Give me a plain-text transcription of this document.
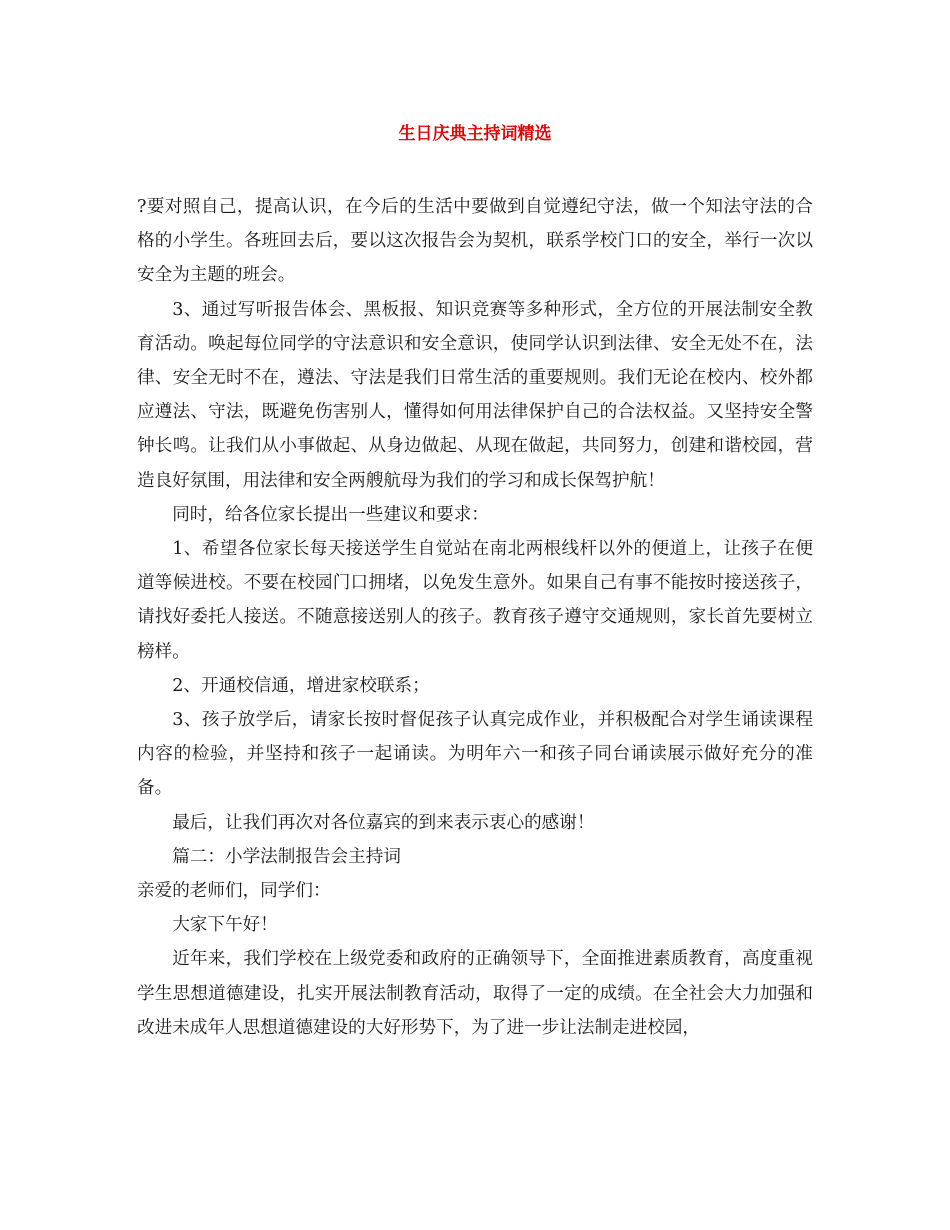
生日庆典主持词精选

?要对照自己，提高认识，在今后的生活中要做到自觉遵纪守法，做一个知法守法的合格的小学生。各班回去后，要以这次报告会为契机，联系学校门口的安全，举行一次以安全为主题的班会。

3、通过写听报告体会、黑板报、知识竞赛等多种形式，全方位的开展法制安全教育活动。唤起每位同学的守法意识和安全意识，使同学认识到法律、安全无处不在，法律、安全无时不在，遵法、守法是我们日常生活的重要规则。我们无论在校内、校外都应遵法、守法，既避免伤害别人，懂得如何用法律保护自己的合法权益。又坚持安全警钟长鸣。让我们从小事做起、从身边做起、从现在做起，共同努力，创建和谐校园，营造良好氛围，用法律和安全两艘航母为我们的学习和成长保驾护航！

同时，给各位家长提出一些建议和要求：

1、希望各位家长每天接送学生自觉站在南北两根线杆以外的便道上，让孩子在便道等候进校。不要在校园门口拥堵，以免发生意外。如果自己有事不能按时接送孩子，请找好委托人接送。不随意接送别人的孩子。教育孩子遵守交通规则，家长首先要树立榜样。

2、开通校信通，增进家校联系；

3、孩子放学后，请家长按时督促孩子认真完成作业，并积极配合对学生诵读课程内容的检验，并坚持和孩子一起诵读。为明年六一和孩子同台诵读展示做好充分的准备。

最后，让我们再次对各位嘉宾的到来表示衷心的感谢！

篇二：小学法制报告会主持词

亲爱的老师们，同学们：

大家下午好！

近年来，我们学校在上级党委和政府的正确领导下，全面推进素质教育，高度重视学生思想道德建设，扎实开展法制教育活动，取得了一定的成绩。在全社会大力加强和改进未成年人思想道德建设的大好形势下，为了进一步让法制走进校园，
